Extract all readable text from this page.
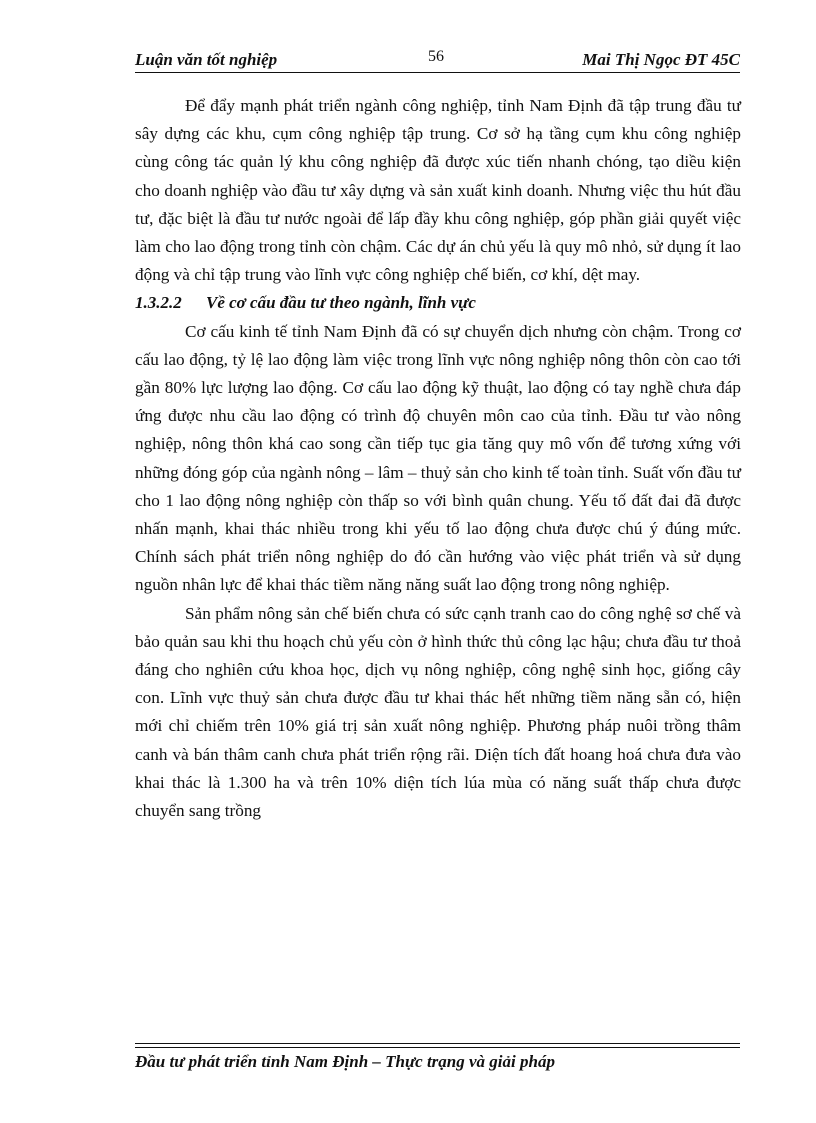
Luận văn tốt nghiệp	56	Mai Thị Ngọc ĐT 45C

Để đẩy mạnh phát triển ngành công nghiệp, tỉnh Nam Định đã tập trung đầu tư sây dựng các khu, cụm công nghiệp tập trung. Cơ sở hạ tầng cụm khu công nghiệp cùng công tác quản lý khu công nghiệp đã được xúc tiến nhanh chóng, tạo diều kiện cho doanh nghiệp vào đầu tư xây dựng và sản xuất kinh doanh. Nhưng việc thu hút đầu tư, đặc biệt là đầu tư nước ngoài để lấp đầy khu công nghiệp, góp phần giải quyết việc làm cho lao động trong tỉnh còn chậm. Các dự án chủ yếu là quy mô nhỏ, sử dụng ít lao động và chỉ tập trung vào lĩnh vực công nghiệp chế biến, cơ khí, dệt may.

1.3.2.2 Về cơ cấu đầu tư theo ngành, lĩnh vực

Cơ cấu kinh tế tỉnh Nam Định đã có sự chuyển dịch nhưng còn chậm. Trong cơ cấu lao động, tỷ lệ lao động làm việc trong lĩnh vực nông nghiệp nông thôn còn cao tới gần 80% lực lượng lao động. Cơ cấu lao động kỹ thuật, lao động có tay nghề chưa đáp ứng được nhu cầu lao động có trình độ chuyên môn cao của tỉnh. Đầu tư vào nông nghiệp, nông thôn khá cao song cần tiếp tục gia tăng quy mô vốn để tương xứng với những đóng góp của ngành nông – lâm – thuỷ sản cho kinh tế toàn tỉnh. Suất vốn đầu tư cho 1 lao động nông nghiệp còn thấp so với bình quân chung. Yếu tố đất đai đã được nhấn mạnh, khai thác nhiều trong khi yếu tố lao động chưa được chú ý đúng mức. Chính sách phát triển nông nghiệp do đó cần hướng vào việc phát triển và sử dụng nguồn nhân lực để khai thác tiềm năng năng suất lao động trong nông nghiệp.

Sản phẩm nông sản chế biến chưa có sức cạnh tranh cao do công nghệ sơ chế và bảo quản sau khi thu hoạch chủ yếu còn ở hình thức thủ công lạc hậu; chưa đầu tư thoả đáng cho nghiên cứu khoa học, dịch vụ nông nghiệp, công nghệ sinh học, giống cây con. Lĩnh vực thuỷ sản chưa được đầu tư khai thác hết những tiềm năng sẵn có, hiện mới chỉ chiếm trên 10% giá trị sản xuất nông nghiệp. Phương pháp nuôi trồng thâm canh và bán thâm canh chưa phát triển rộng rãi. Diện tích đất hoang hoá chưa đưa vào khai thác là 1.300 ha và trên 10% diện tích lúa mùa có năng suất thấp chưa được chuyển sang trồng

Đầu tư phát triển tỉnh Nam Định – Thực trạng và giải pháp
